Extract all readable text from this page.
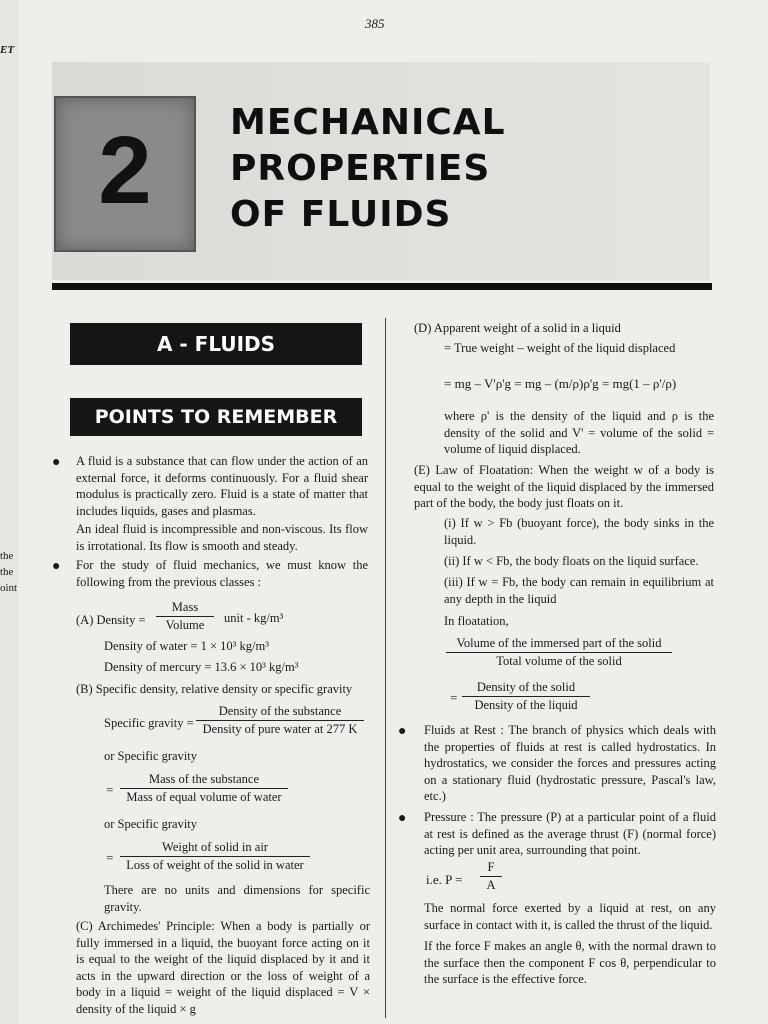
ET
the
the
oint
385
2	MECHANICAL
PROPERTIES
OF FLUIDS
A - FLUIDS
POINTS TO REMEMBER
● A fluid is a substance that can flow under the action of an external force, it deforms continuously. For a fluid shear modulus is practically zero. Fluid is a state of matter that includes liquids, gases and plasmas.
An ideal fluid is incompressible and non-viscous. Its flow is irrotational. Its flow is smooth and steady.
● For the study of fluid mechanics, we must know the following from the previous classes :
(A) Density =
Mass
Volume	unit - kg/m³
Density of water = 1 × 10³ kg/m³
Density of mercury = 13.6 × 10³ kg/m³
(B) Specific density, relative density or specific gravity
Specific gravity =
Density of the substance
Density of pure water at 277 K
or Specific gravity
=
Mass of the substance
Mass of equal volume of water
or Specific gravity
=
Weight of solid in air
Loss of weight of the solid in water
There are no units and dimensions for specific gravity.
(C) Archimedes' Principle: When a body is partially or fully immersed in a liquid, the buoyant force acting on it is equal to the weight of the liquid displaced by it and it acts in the upward direction or the loss of weight of a body in a liquid = weight of the liquid displaced = V × density of the liquid × g
(D) Apparent weight of a solid in a liquid
= True weight – weight of the liquid displaced
= mg – V'ρ'g = mg – (m/ρ)ρ'g = mg(1 – ρ'/ρ)
where ρ' is the density of the liquid and ρ is the density of the solid and V' = volume of the solid = volume of liquid displaced.
(E) Law of Floatation: When the weight w of a body is equal to the weight of the liquid displaced by the immersed part of the body, the body just floats on it.
(i) If w > Fb (buoyant force), the body sinks in the liquid.
(ii) If w < Fb, the body floats on the liquid surface.
(iii) If w = Fb, the body can remain in equilibrium at any depth in the liquid
In floatation,
Volume of the immersed part of the solid
Total volume of the solid
=
Density of the solid
Density of the liquid
● Fluids at Rest : The branch of physics which deals with the properties of fluids at rest is called hydrostatics. In hydrostatics, we consider the forces and pressures acting on a stationary fluid (hydrostatic pressure, Pascal's law, etc.)
● Pressure : The pressure (P) at a particular point of a fluid at rest is defined as the average thrust (F) (normal force) acting per unit area, surrounding that point.
i.e. $P = \frac{F}{A}$
The normal force exerted by a liquid at rest, on any surface in contact with it, is called the thrust of the liquid.
If the force F makes an angle θ, with the normal drawn to the surface then the component F cos θ, perpendicular to the surface is the effective force.
